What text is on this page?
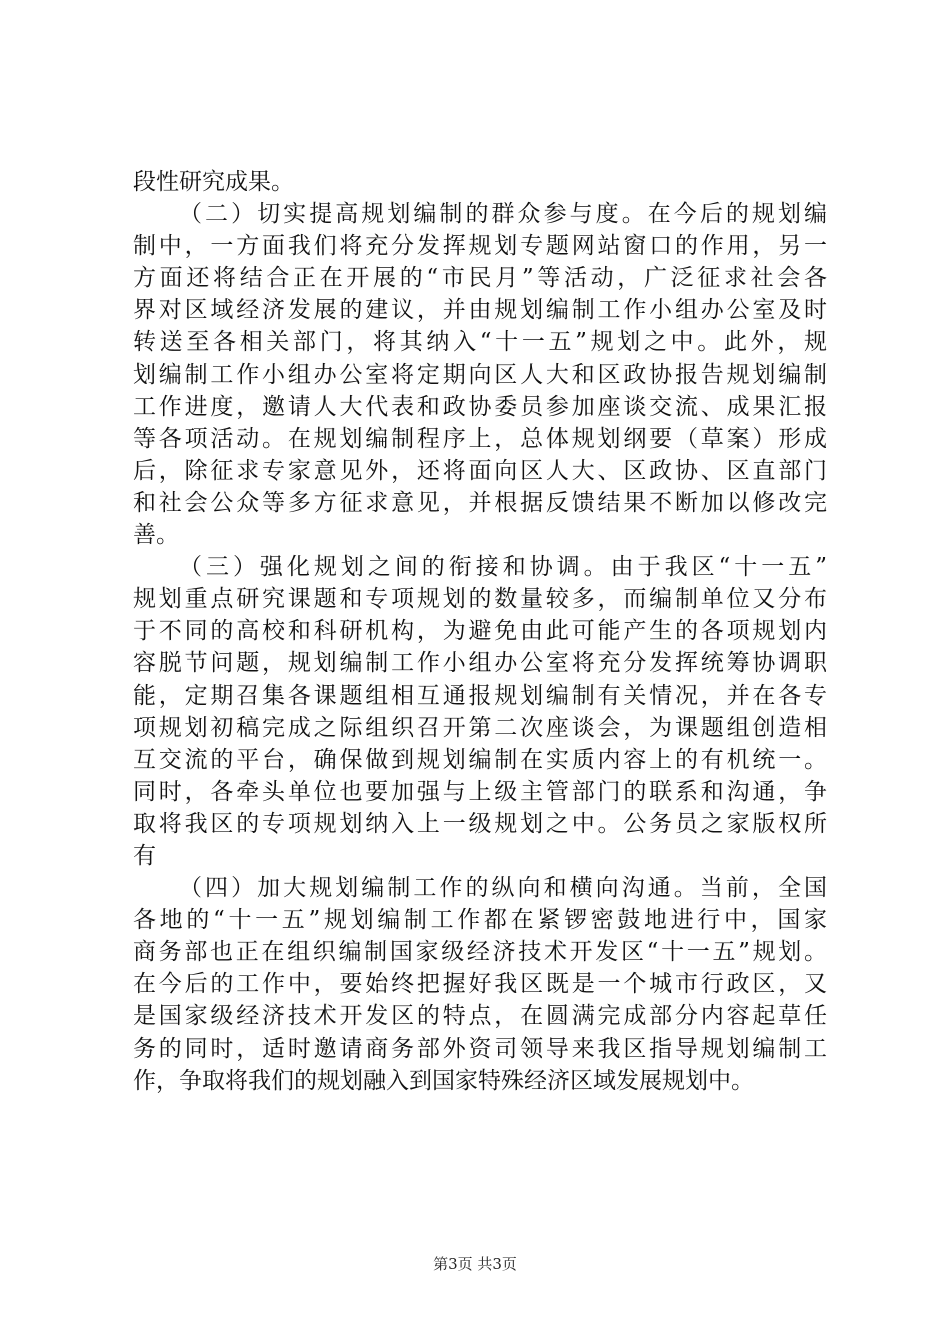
段性研究成果。
（二）切实提高规划编制的群众参与度。在今后的规划编
制中，一方面我们将充分发挥规划专题网站窗口的作用，另一
方面还将结合正在开展的“市民月”等活动，广泛征求社会各
界对区域经济发展的建议，并由规划编制工作小组办公室及时
转送至各相关部门，将其纳入“十一五”规划之中。此外，规
划编制工作小组办公室将定期向区人大和区政协报告规划编制
工作进度，邀请人大代表和政协委员参加座谈交流、成果汇报
等各项活动。在规划编制程序上，总体规划纲要（草案）形成
后，除征求专家意见外，还将面向区人大、区政协、区直部门
和社会公众等多方征求意见，并根据反馈结果不断加以修改完
善。
（三）强化规划之间的衔接和协调。由于我区“十一五”
规划重点研究课题和专项规划的数量较多，而编制单位又分布
于不同的高校和科研机构，为避免由此可能产生的各项规划内
容脱节问题，规划编制工作小组办公室将充分发挥统筹协调职
能，定期召集各课题组相互通报规划编制有关情况，并在各专
项规划初稿完成之际组织召开第二次座谈会，为课题组创造相
互交流的平台，确保做到规划编制在实质内容上的有机统一。
同时，各牵头单位也要加强与上级主管部门的联系和沟通，争
取将我区的专项规划纳入上一级规划之中。公务员之家版权所
有
（四）加大规划编制工作的纵向和横向沟通。当前，全国
各地的“十一五”规划编制工作都在紧锣密鼓地进行中，国家
商务部也正在组织编制国家级经济技术开发区“十一五”规划。
在今后的工作中，要始终把握好我区既是一个城市行政区，又
是国家级经济技术开发区的特点，在圆满完成部分内容起草任
务的同时，适时邀请商务部外资司领导来我区指导规划编制工
作，争取将我们的规划融入到国家特殊经济区域发展规划中。
第3页 共3页
